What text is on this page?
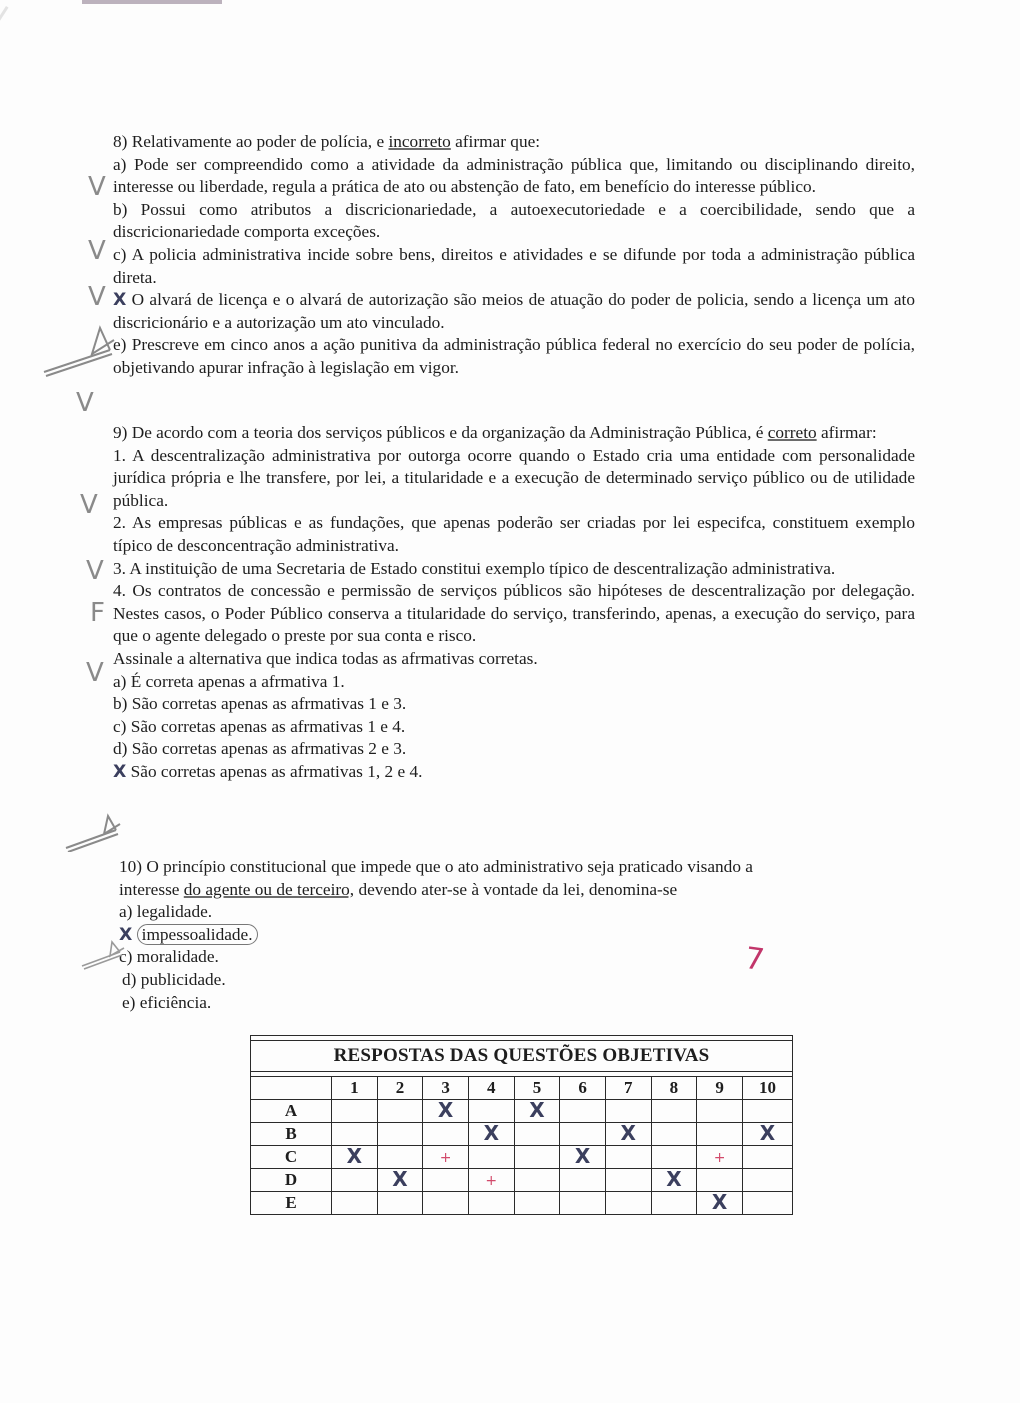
8) Relativamente ao poder de polícia, e incorreto afirmar que:

a) Pode ser compreendido como a atividade da administração pública que, limitando ou disciplinando direito, interesse ou liberdade, regula a prática de ato ou abstenção de fato, em benefício do interesse público.

b) Possui como atributos a discricionariedade, a autoexecutoriedade e a coercibilidade, sendo que a discricionariedade comporta exceções.

c) A policia administrativa incide sobre bens, direitos e atividades e se difunde por toda a administração pública direta.

X O alvará de licença e o alvará de autorização são meios de atuação do poder de policia, sendo a licença um ato discricionário e a autorização um ato vinculado.

e) Prescreve em cinco anos a ação punitiva da administração pública federal no exercício do seu poder de polícia, objetivando apurar infração à legislação em vigor.

V
V
V
V

9) De acordo com a teoria dos serviços públicos e da organização da Administração Pública, é correto afirmar:

1. A descentralização administrativa por outorga ocorre quando o Estado cria uma entidade com personalidade jurídica própria e lhe transfere, por lei, a titularidade e a execução de determinado serviço público ou de utilidade pública.

2. As empresas públicas e as fundações, que apenas poderão ser criadas por lei especifca, constituem exemplo típico de desconcentração administrativa.

3. A instituição de uma Secretaria de Estado constitui exemplo típico de descentralização administrativa.

4. Os contratos de concessão e permissão de serviços públicos são hipóteses de descentralização por delegação. Nestes casos, o Poder Público conserva a titularidade do serviço, transferindo, apenas, a execução do serviço, para que o agente delegado o preste por sua conta e risco.

Assinale a alternativa que indica todas as afrmativas corretas.

a) É correta apenas a afrmativa 1.

b) São corretas apenas as afrmativas 1 e 3.

c) São corretas apenas as afrmativas 1 e 4.

d) São corretas apenas as afrmativas 2 e 3.

X São corretas apenas as afrmativas 1, 2 e 4.

V
V
F
V

10) O princípio constitucional que impede que o ato administrativo seja praticado visando a
interesse do agente ou de terceiro, devendo ater-se à vontade da lei, denomina-se

a) legalidade.

X impessoalidade.

c) moralidade.

d) publicidade.

e) eficiência.

7

RESPOSTAS DAS QUESTÕES OBJETIVAS										

	1	2	3	4	5	6	7	8	9	10
A			X		X					
B				X			X			X
C	X		+			X			+	
D		X		+				X		
E									X	
